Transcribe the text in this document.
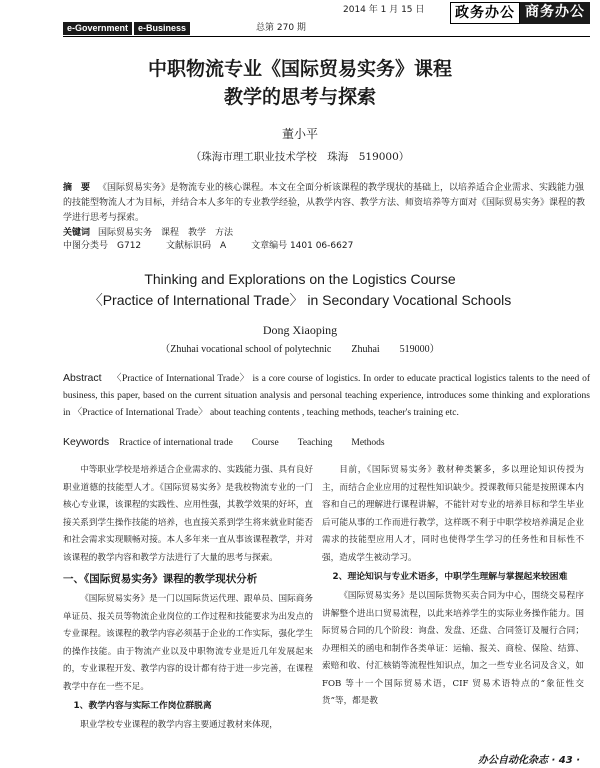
2014 年 1 月 15 日	政务办公 商务办公
e-Government	e-Business	总第 270 期
中职物流专业《国际贸易实务》课程
教学的思考与探索
董小平
（珠海市理工职业技术学校　珠海　519000）
摘　要 《国际贸易实务》是物流专业的核心课程。本文在全面分析该课程的教学现状的基础上，以培养适合企业需求、实践能力强的技能型物流人才为目标，并结合本人多年的专业教学经验，从教学内容、教学方法、师资培养等方面对《国际贸易实务》课程的教学进行思考与探索。
关键词 国际贸易实务　课程　教学　方法
中图分类号　G712	文献标识码　A	文章编号 1401 06-6627
Thinking and Explorations on the Logistics Course
〈Practice of International Trade〉 in Secondary Vocational Schools
Dong Xiaoping
（Zhuhai vocational school of polytechnic　　Zhuhai　　519000）
Abstract 〈Practice of International Trade〉 is a core course of logistics. In order to educate practical logistics talents to the need of business, this paper, based on the current situation analysis and personal teaching experience, introduces some thinking and explorations in 〈Practice of International Trade〉 about teaching contents , teaching methods, teacher's training etc.
Keywords Rractice of international trade　　Course　　Teaching　　Methods

中等职业学校是培养适合企业需求的、实践能力强、具有良好职业道德的技能型人才。《国际贸易实务》是我校物流专业的一门核心专业课，该课程的实践性、应用性强，其教学效果的好坏，直接关系到学生操作技能的培养，也直接关系到学生将来就业时能否和社会需求实现顺畅对接。本人多年来一直从事该课程教学，并对该课程的教学内容和教学方法进行了大量的思考与探索。

一、《国际贸易实务》课程的教学现状分析

《国际贸易实务》是一门以国际货运代理、跟单员、国际商务单证员、报关员等物流企业岗位的工作过程和技能要求为出发点的专业课程。该课程的教学内容必须基于企业的工作实际，强化学生的操作技能。由于物流产业以及中职物流专业是近几年发展起来的，专业课程开发、教学内容的设计都有待于进一步完善，在课程教学中存在一些不足。

1、教学内容与实际工作岗位群脱离

职业学校专业课程的教学内容主要通过教材来体现，

目前，《国际贸易实务》教材种类繁多，多以理论知识传授为主，而结合企业应用的过程性知识缺少。授课教师只能是按照课本内容和自己的理解进行课程讲解，不能针对专业的培养目标和学生毕业后可能从事的工作而进行教学，这样既不利于中职学校培养满足企业需求的技能型应用人才，同时也使得学生学习的任务性和目标性不强，造成学生被动学习。

2、理论知识与专业术语多，中职学生理解与掌握起来较困难

《国际贸易实务》是以国际货物买卖合同为中心，围绕交易程序讲解整个进出口贸易流程，以此来培养学生的实际业务操作能力。国际贸易合同的几个阶段：询盘、发盘、还盘、合同签订及履行合同；办理相关的函电和制作各类单证：运输、报关、商检、保险、结算、索赔和收、付汇核销等流程性知识点，加之一些专业名词及含义，如 FOB 等十一个国际贸易术语，CIF 贸易术语特点的“象征性交货”等，都是教

办公自动化杂志 · 43 ·
